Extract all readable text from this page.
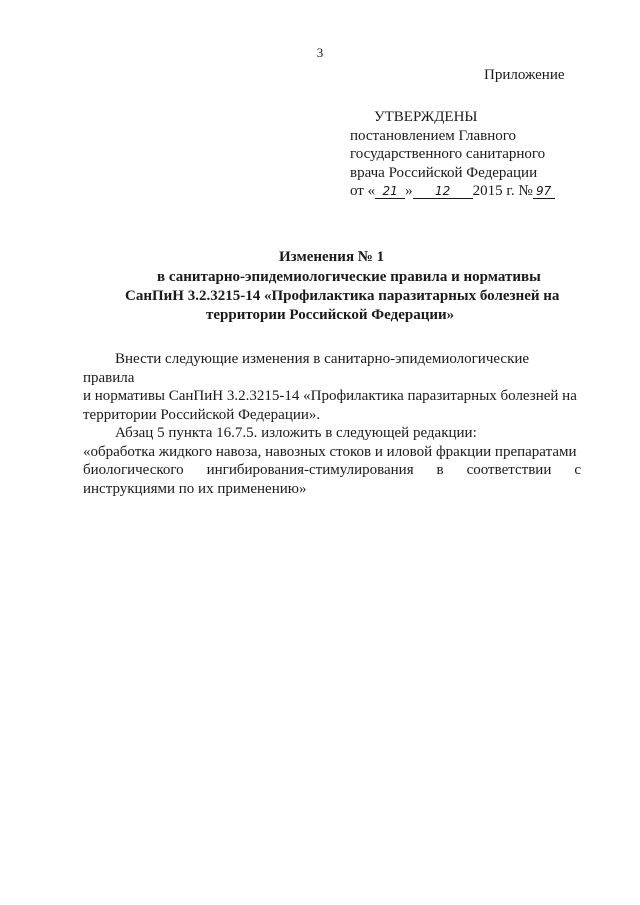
3
Приложение
УТВЕРЖДЕНЫ
постановлением Главного
государственного санитарного
врача Российской Федерации
от « 21 » 12 2015 г. № 97
Изменения № 1
в санитарно-эпидемиологические правила и нормативы
СанПиН 3.2.3215-14 «Профилактика паразитарных болезней на
территории Российской Федерации»

Внести следующие изменения в санитарно-эпидемиологические правила

и нормативы СанПиН 3.2.3215-14 «Профилактика паразитарных болезней на
территории Российской Федерации».

Абзац 5 пункта 16.7.5. изложить в следующей редакции:

«обработка жидкого навоза, навозных стоков и иловой фракции препаратами
биологического ингибирования-стимулирования в соответствии с
инструкциями по их применению»
